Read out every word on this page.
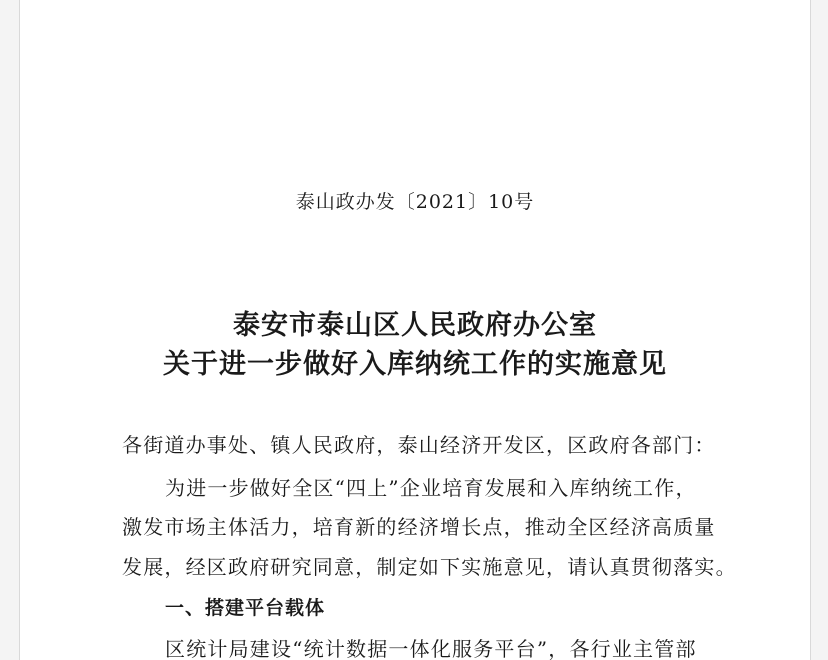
泰山政办发〔2021〕10号
泰安市泰山区人民政府办公室
关于进一步做好入库纳统工作的实施意见
各街道办事处、镇人民政府，泰山经济开发区，区政府各部门：
为进一步做好全区“四上”企业培育发展和入库纳统工作，
激发市场主体活力，培育新的经济增长点，推动全区经济高质量
发展，经区政府研究同意，制定如下实施意见，请认真贯彻落实。
一、搭建平台载体
区统计局建设“统计数据一体化服务平台”，各行业主管部
